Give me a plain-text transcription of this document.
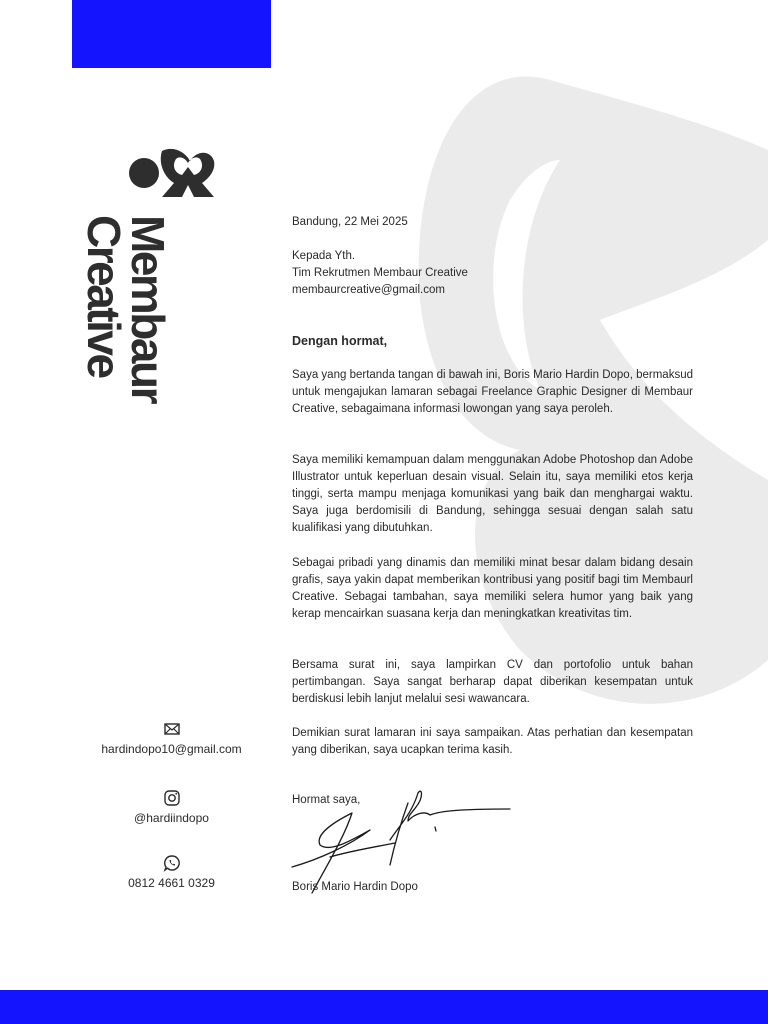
Membaur
Creative
hardindopo10@gmail.com
@hardiindopo
0812 4661 0329

Bandung, 22 Mei 2025

Kepada Yth.

Tim Rekrutmen Membaur Creative

membaurcreative@gmail.com

Dengan hormat,

Saya yang bertanda tangan di bawah ini, Boris Mario Hardin Dopo, bermaksud untuk mengajukan lamaran sebagai Freelance Graphic Designer di Membaur Creative, sebagaimana informasi lowongan yang saya peroleh.

Saya memiliki kemampuan dalam menggunakan Adobe Photoshop dan Adobe Illustrator untuk keperluan desain visual. Selain itu, saya memiliki etos kerja tinggi, serta mampu menjaga komunikasi yang baik dan menghargai waktu. Saya juga berdomisili di Bandung, sehingga sesuai dengan salah satu kualifikasi yang dibutuhkan.

Sebagai pribadi yang dinamis dan memiliki minat besar dalam bidang desain grafis, saya yakin dapat memberikan kontribusi yang positif bagi tim Membaurl Creative. Sebagai tambahan, saya memiliki selera humor yang baik yang kerap mencairkan suasana kerja dan meningkatkan kreativitas tim.

Bersama surat ini, saya lampirkan CV dan portofolio untuk bahan pertimbangan. Saya sangat berharap dapat diberikan kesempatan untuk berdiskusi lebih lanjut melalui sesi wawancara.

Demikian surat lamaran ini saya sampaikan. Atas perhatian dan kesempatan yang diberikan, saya ucapkan terima kasih.

Hormat saya,

Boris Mario Hardin Dopo
